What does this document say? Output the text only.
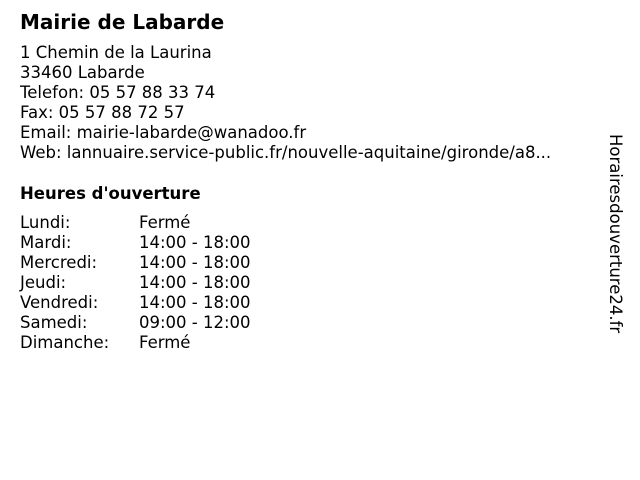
Mairie de Labarde
1 Chemin de la Laurina
33460 Labarde
Telefon: 05 57 88 33 74
Fax: 05 57 88 72 57
Email: mairie-labarde@wanadoo.fr
Web: lannuaire.service-public.fr/nouvelle-aquitaine/gironde/a8...
Heures d'ouverture
Lundi:	Fermé
Mardi:	14:00 - 18:00
Mercredi:	14:00 - 18:00
Jeudi:	14:00 - 18:00
Vendredi: 14:00 - 18:00
Samedi:	09:00 - 12:00
Dimanche: Fermé
Horairesdouverture24.fr
